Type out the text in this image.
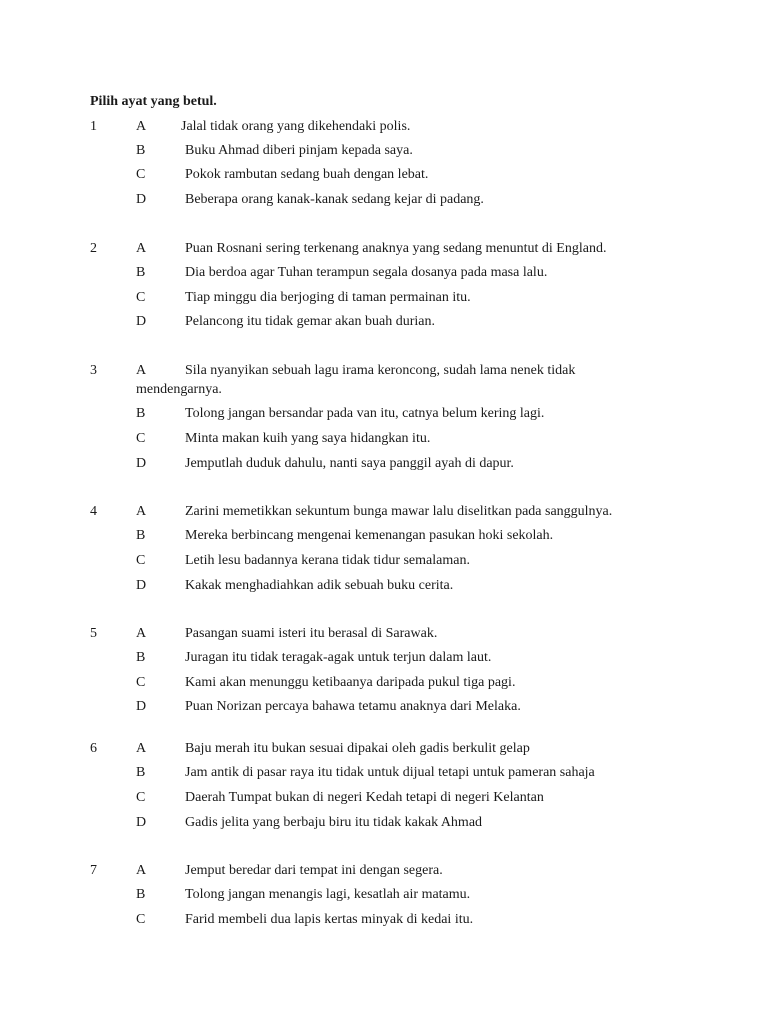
Pilih ayat yang betul.
1	A Jalal tidak orang yang dikehendaki polis.
B	Buku Ahmad diberi pinjam kepada saya.
C	Pokok rambutan sedang buah dengan lebat.
D	Beberapa orang kanak-kanak sedang kejar di padang.
2	A	Puan Rosnani sering terkenang anaknya yang sedang menuntut di England.
B	Dia berdoa agar Tuhan terampun segala dosanya pada masa lalu.
C	Tiap minggu dia berjoging di taman permainan itu.
D	Pelancong itu tidak gemar akan buah durian.
3	A	Sila nyanyikan sebuah lagu irama keroncong, sudah lama nenek tidak
mendengarnya.
B	Tolong jangan bersandar pada van itu, catnya belum kering lagi.
C	Minta makan kuih yang saya hidangkan itu.
D	Jemputlah duduk dahulu, nanti saya panggil ayah di dapur.
4	A	Zarini memetikkan sekuntum bunga mawar lalu diselitkan pada sanggulnya.
B	Mereka berbincang mengenai kemenangan pasukan hoki sekolah.
C	Letih lesu badannya kerana tidak tidur semalaman.
D	Kakak menghadiahkan adik sebuah buku cerita.
5	A	Pasangan suami isteri itu berasal di Sarawak.
B	Juragan itu tidak teragak-agak untuk terjun dalam laut.
C	Kami akan menunggu ketibaanya daripada pukul tiga pagi.
D	Puan Norizan percaya bahawa tetamu anaknya dari Melaka.
6	A	Baju merah itu bukan sesuai dipakai oleh gadis berkulit gelap
B	Jam antik di pasar raya itu tidak untuk dijual tetapi untuk pameran sahaja
C	Daerah Tumpat bukan di negeri Kedah tetapi di negeri Kelantan
D	Gadis jelita yang berbaju biru itu tidak kakak Ahmad
7	A	Jemput beredar dari tempat ini dengan segera.
B	Tolong jangan menangis lagi, kesatlah air matamu.
C	Farid membeli dua lapis kertas minyak di kedai itu.
